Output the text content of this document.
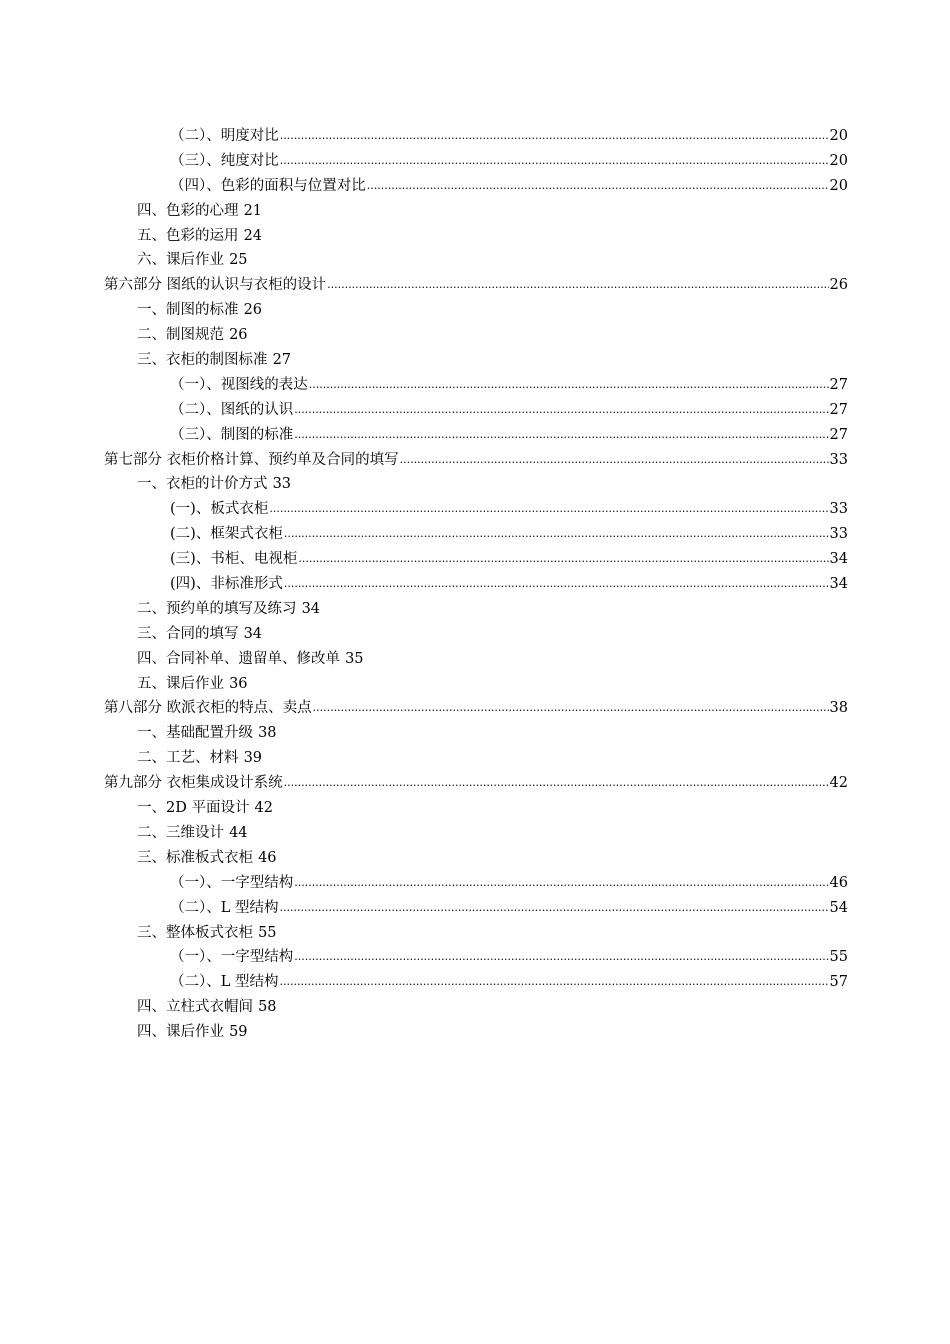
（二）、明度对比 .....	20
（三）、纯度对比 .....	20
（四）、色彩的面积与位置对比 .....	20
四、色彩的心理 21
五、色彩的运用 24
六、课后作业 25
第六部分 图纸的认识与衣柜的设计 .....	26
一、制图的标准 26
二、制图规范 26
三、衣柜的制图标准 27
（一）、视图线的表达 .....	27
（二）、图纸的认识 .....	27
（三）、制图的标准 .....	27
第七部分 衣柜价格计算、预约单及合同的填写 .....	33
一、衣柜的计价方式 33
(一)、板式衣柜 .....	33
(二)、框架式衣柜 .....	33
(三)、书柜、电视柜 .....	34
(四)、非标准形式 .....	34
二、预约单的填写及练习 34
三、合同的填写 34
四、合同补单、遗留单、修改单 35
五、课后作业 36
第八部分 欧派衣柜的特点、卖点 .....	38
一、基础配置升级 38
二、工艺、材料 39
第九部分 衣柜集成设计系统 .....	42
一、2D 平面设计 42
二、三维设计 44
三、标准板式衣柜 46
（一）、一字型结构 .....	46
（二）、L 型结构 .....	54
三、整体板式衣柜 55
（一）、一字型结构 .....	55
（二）、L 型结构 .....	57
四、立柱式衣帽间 58
四、课后作业 59
